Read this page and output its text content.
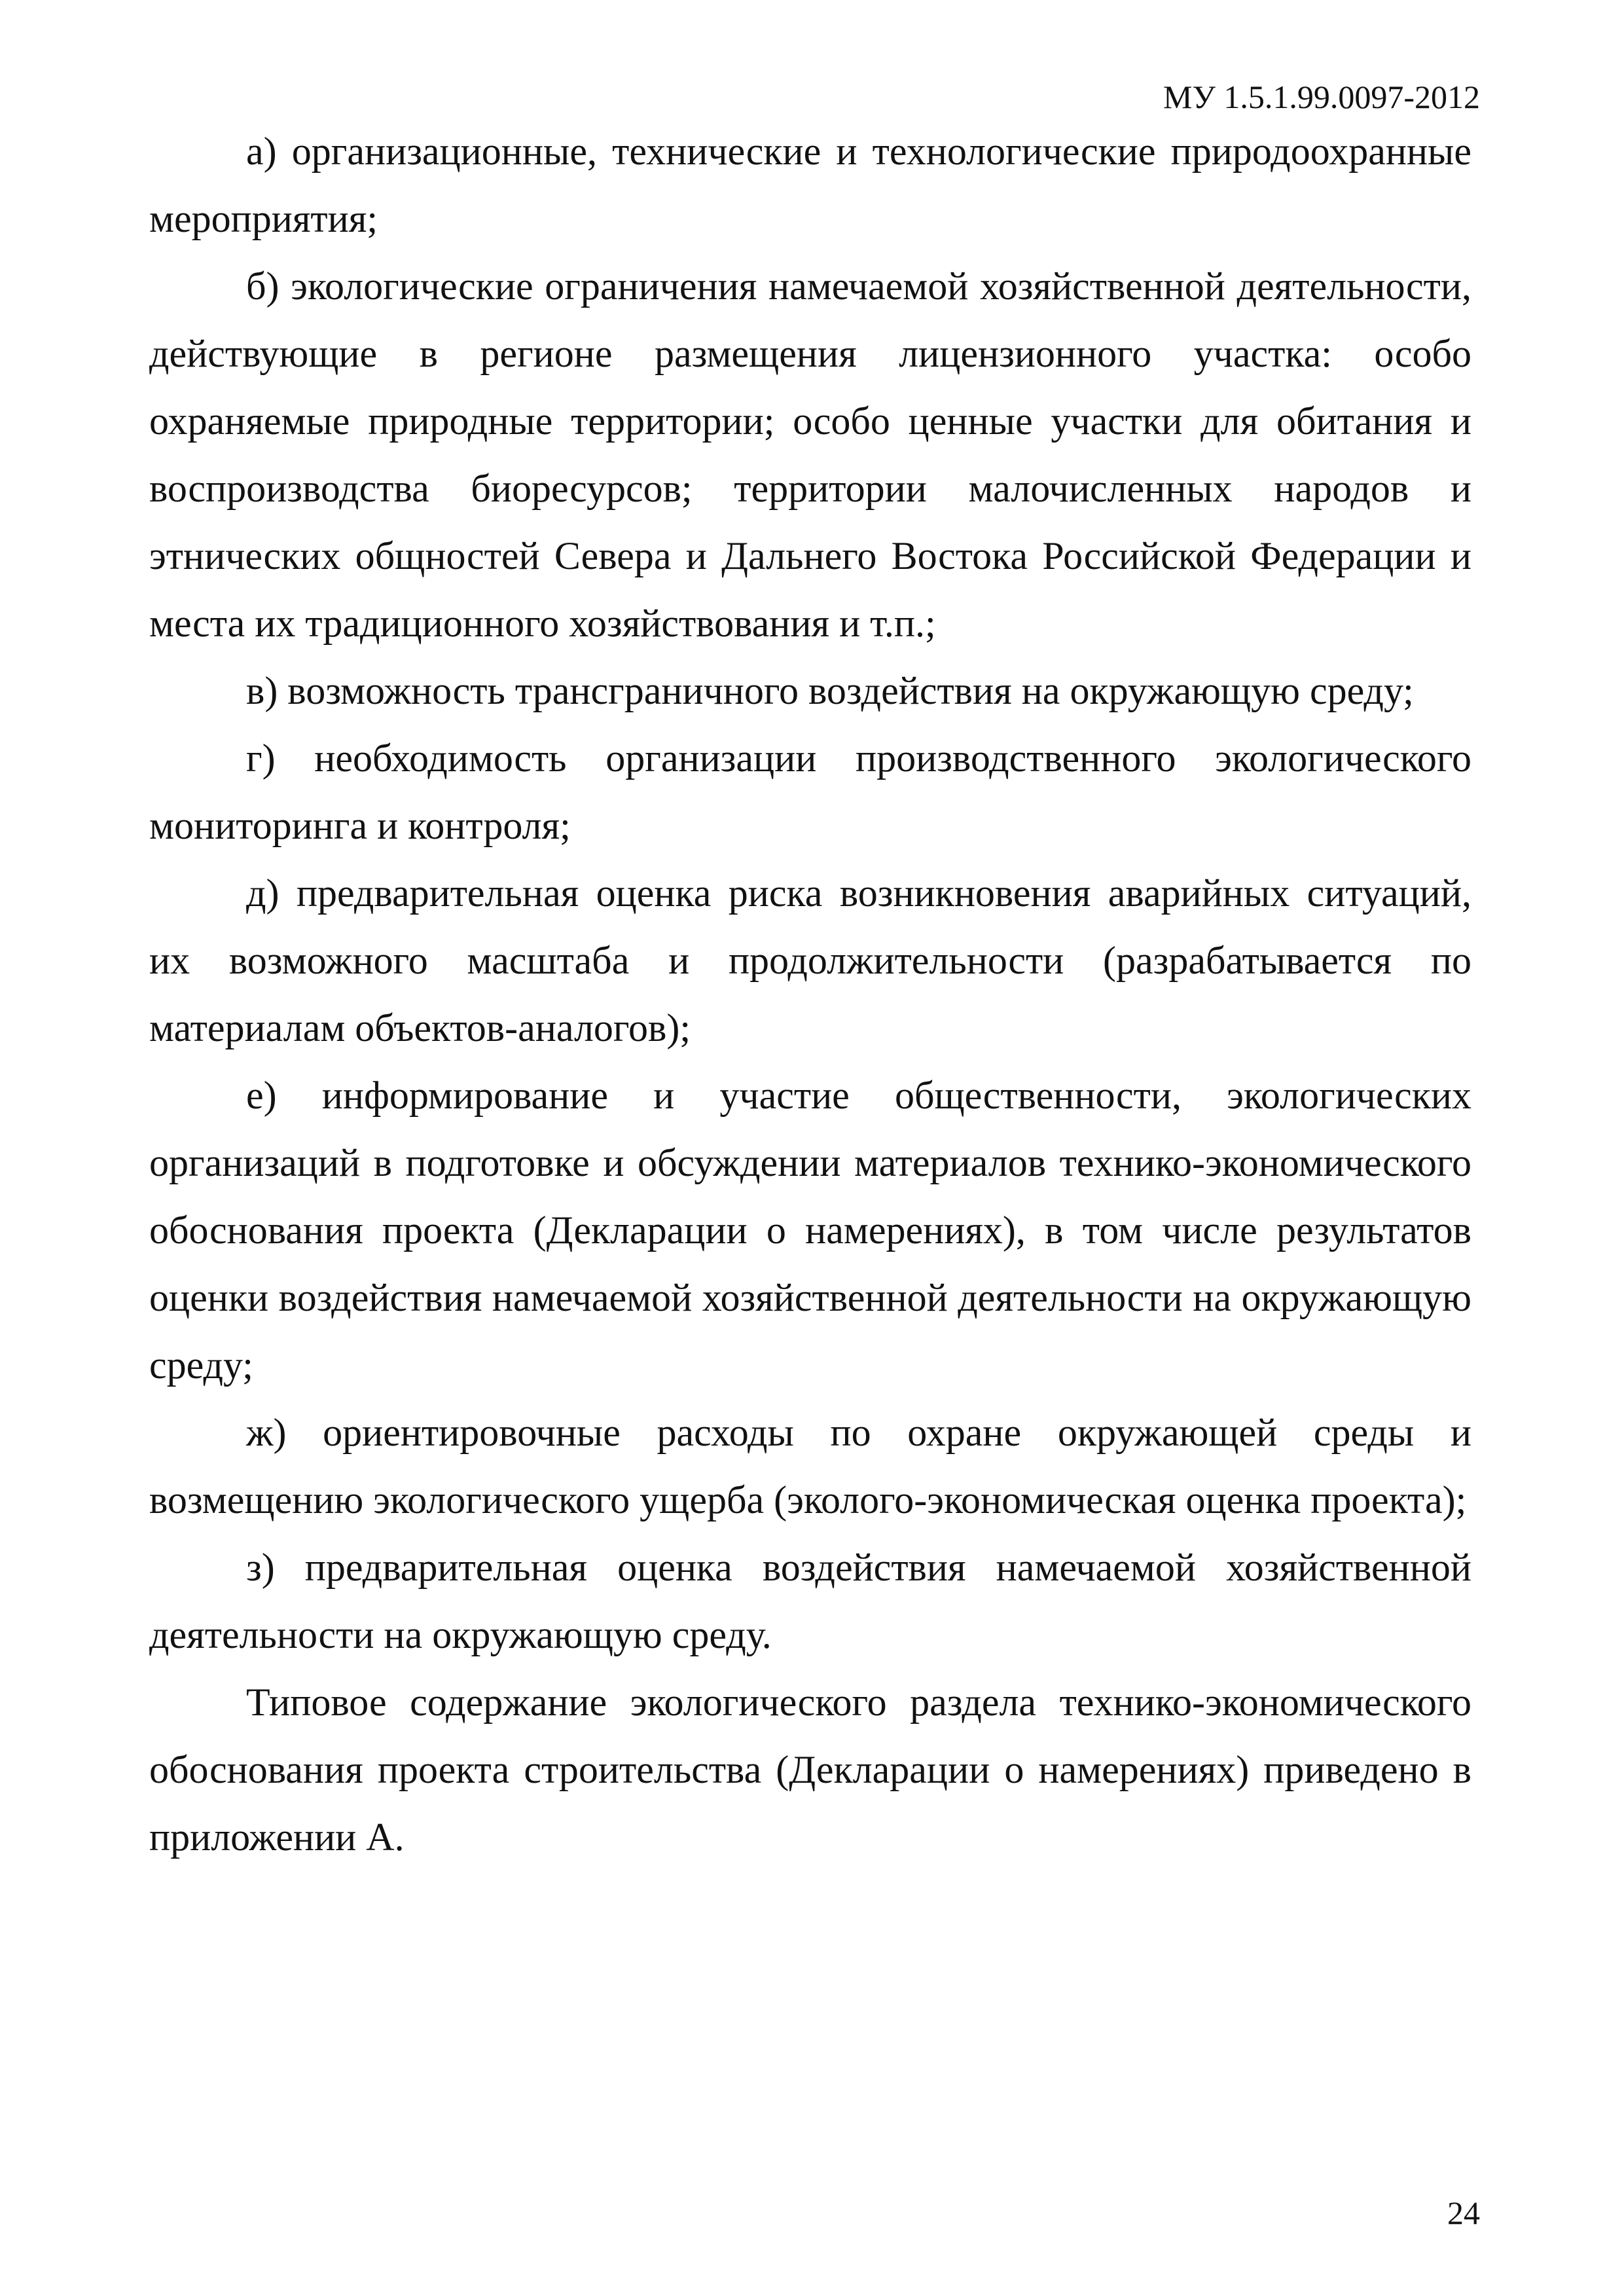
МУ 1.5.1.99.0097-2012

а) организационные, технические и технологические природоохранные мероприятия;

б) экологические ограничения намечаемой хозяйственной деятельности, действующие в регионе размещения лицензионного участка: особо охраняемые природные территории; особо ценные участки для обитания и воспроизводства биоресурсов; территории малочисленных народов и этнических общностей Севера и Дальнего Востока Российской Федерации и места их традиционного хозяйствования и т.п.;

в) возможность трансграничного воздействия на окружающую среду;

г) необходимость организации производственного экологического мониторинга и контроля;

д) предварительная оценка риска возникновения аварийных ситуаций, их возможного масштаба и продолжительности (разрабатывается по материалам объектов-аналогов);

е) информирование и участие общественности, экологических организаций в подготовке и обсуждении материалов технико-экономического обоснования проекта (Декларации о намерениях), в том числе результатов оценки воздействия намечаемой хозяйственной деятельности на окружающую среду;

ж) ориентировочные расходы по охране окружающей среды и возмещению экологического ущерба (эколого-экономическая оценка проекта);

з) предварительная оценка воздействия намечаемой хозяйственной деятельности на окружающую среду.

Типовое содержание экологического раздела технико-экономического обоснования проекта строительства (Декларации о намерениях) приведено в приложении А.

24
